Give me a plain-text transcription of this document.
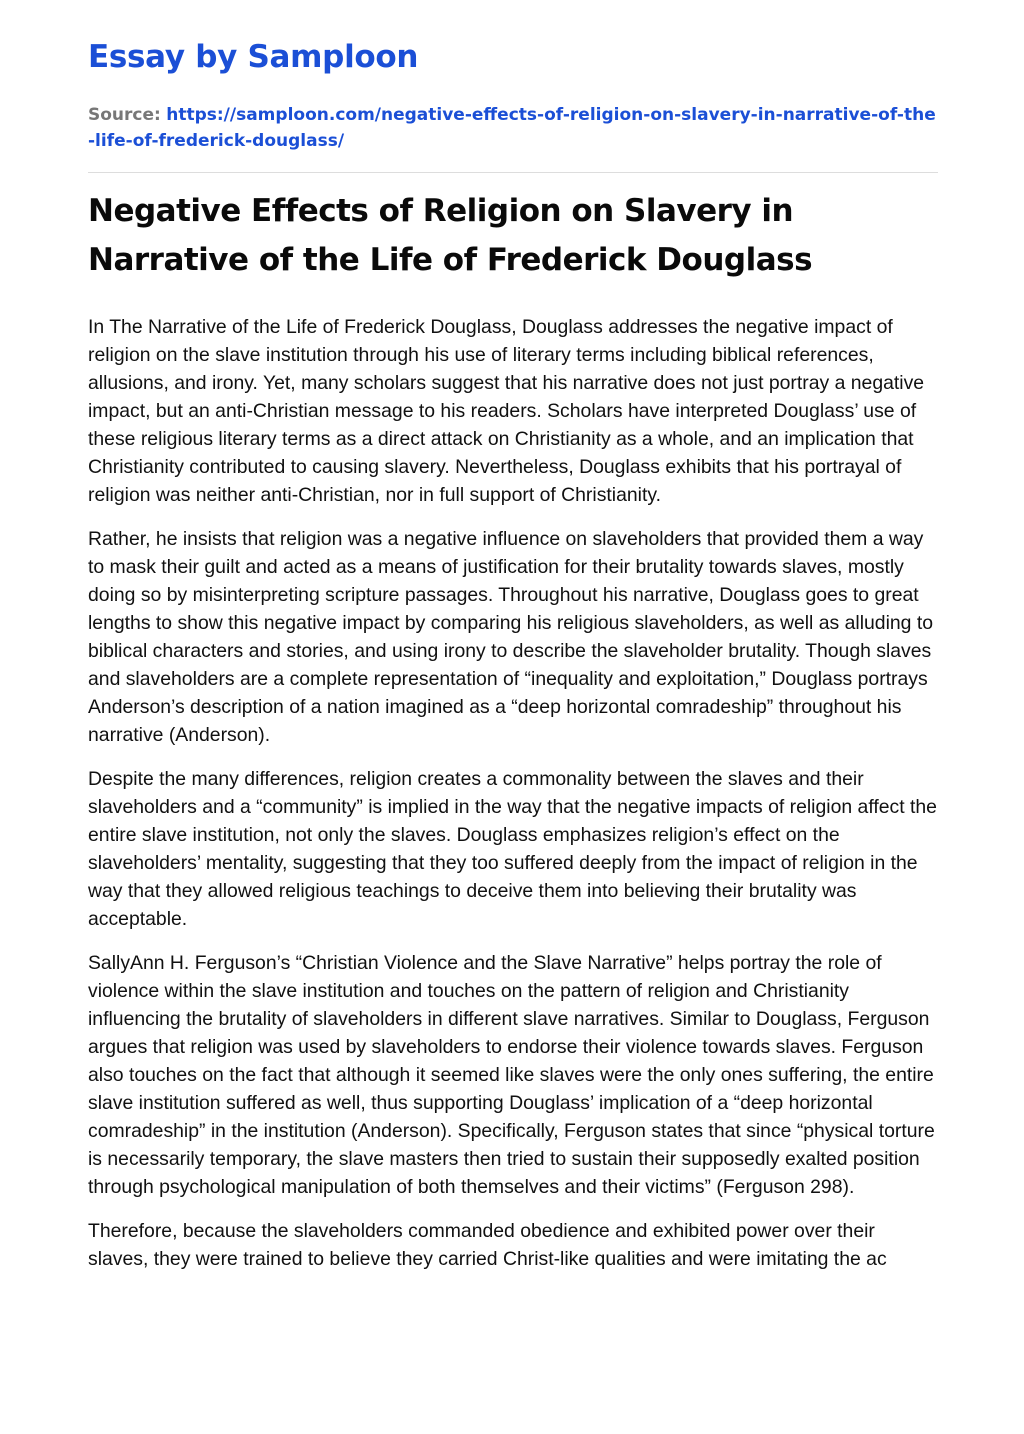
Essay by Samploon
Source: https://samploon.com/negative-effects-of-religion-on-slavery-in-narrative-of-the-life-of-frederick-douglass/
Negative Effects of Religion on Slavery in Narrative of the Life of Frederick Douglass

In The Narrative of the Life of Frederick Douglass, Douglass addresses the negative impact of religion on the slave institution through his use of literary terms including biblical references, allusions, and irony. Yet, many scholars suggest that his narrative does not just portray a negative impact, but an anti-Christian message to his readers. Scholars have interpreted Douglass’ use of these religious literary terms as a direct attack on Christianity as a whole, and an implication that Christianity contributed to causing slavery. Nevertheless, Douglass exhibits that his portrayal of religion was neither anti-Christian, nor in full support of Christianity.

Rather, he insists that religion was a negative influence on slaveholders that provided them a way to mask their guilt and acted as a means of justification for their brutality towards slaves, mostly doing so by misinterpreting scripture passages. Throughout his narrative, Douglass goes to great lengths to show this negative impact by comparing his religious slaveholders, as well as alluding to biblical characters and stories, and using irony to describe the slaveholder brutality. Though slaves and slaveholders are a complete representation of “inequality and exploitation,” Douglass portrays Anderson’s description of a nation imagined as a “deep horizontal comradeship” throughout his narrative (Anderson).

Despite the many differences, religion creates a commonality between the slaves and their slaveholders and a “community” is implied in the way that the negative impacts of religion affect the entire slave institution, not only the slaves. Douglass emphasizes religion’s effect on the slaveholders’ mentality, suggesting that they too suffered deeply from the impact of religion in the way that they allowed religious teachings to deceive them into believing their brutality was acceptable.

SallyAnn H. Ferguson’s “Christian Violence and the Slave Narrative” helps portray the role of violence within the slave institution and touches on the pattern of religion and Christianity influencing the brutality of slaveholders in different slave narratives. Similar to Douglass, Ferguson argues that religion was used by slaveholders to endorse their violence towards slaves. Ferguson also touches on the fact that although it seemed like slaves were the only ones suffering, the entire slave institution suffered as well, thus supporting Douglass’ implication of a “deep horizontal comradeship” in the institution (Anderson). Specifically, Ferguson states that since “physical torture is necessarily temporary, the slave masters then tried to sustain their supposedly exalted position through psychological manipulation of both themselves and their victims” (Ferguson 298).

Therefore, because the slaveholders commanded obedience and exhibited power over their slaves, they were trained to believe they carried Christ-like qualities and were imitating the ac
